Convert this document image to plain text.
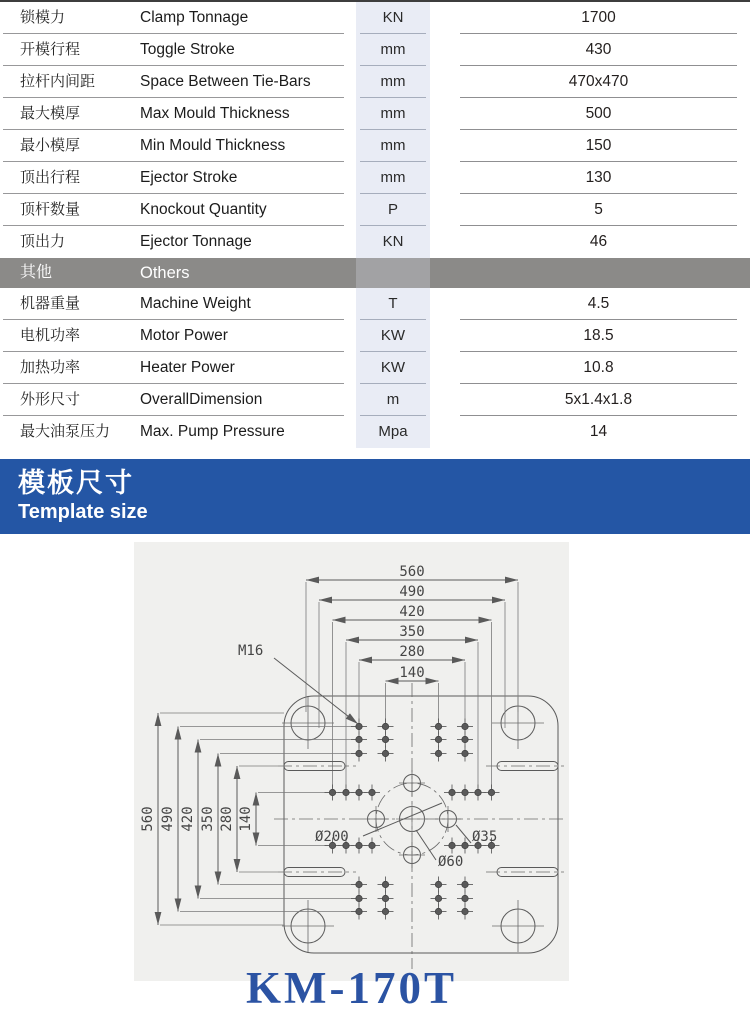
锁模力	Clamp Tonnage	KN	1700
开模行程	Toggle Stroke	mm	430
拉杆内间距	Space Between Tie-Bars	mm	470x470
最大模厚	Max Mould Thickness	mm	500
最小模厚	Min Mould Thickness	mm	150
顶出行程	Ejector Stroke	mm	130
顶杆数量	Knockout Quantity	P	5
顶出力	Ejector Tonnage	KN	46
其他	Others
机器重量	Machine Weight	T	4.5
电机功率	Motor Power	KW	18.5
加热功率	Heater Power	KW	10.8
外形尺寸	OverallDimension	m	5x1.4x1.8
最大油泵压力 Max. Pump Pressure	Mpa	14
模板尺寸
Template size
560
490
420
350
280
140
560 490 420 350 280 140
M16
Ø200	Ø35
Ø60
KM-170T
